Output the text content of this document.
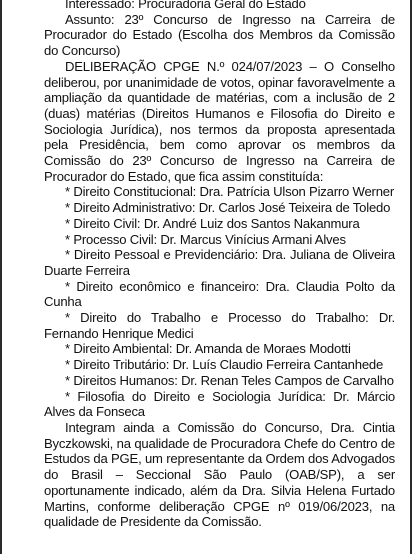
Interessado: Procuradoria Geral do Estado

Assunto: 23º Concurso de Ingresso na Carreira de Procurador do Estado (Escolha dos Membros da Comissão do Concurso)

DELIBERAÇÃO CPGE N.º 024/07/2023 – O Conselho deliberou, por unanimidade de votos, opinar favoravelmente a ampliação da quantidade de matérias, com a inclusão de 2 (duas) matérias (Direitos Humanos e Filosofia do Direito e Sociologia Jurídica), nos termos da proposta apresentada pela Presidência, bem como aprovar os membros da Comissão do 23º Concurso de Ingresso na Carreira de Procurador do Estado, que fica assim constituída:

* Direito Constitucional: Dra. Patrícia Ulson Pizarro Werner

* Direito Administrativo: Dr. Carlos José Teixeira de Toledo

* Direito Civil: Dr. André Luiz dos Santos Nakanmura

* Processo Civil: Dr. Marcus Vinícius Armani Alves

* Direito Pessoal e Previdenciário: Dra. Juliana de Oliveira Duarte Ferreira

* Direito econômico e financeiro: Dra. Claudia Polto da Cunha

* Direito do Trabalho e Processo do Trabalho: Dr. Fernando Henrique Medici

* Direito Ambiental: Dr. Amanda de Moraes Modotti

* Direito Tributário: Dr. Luís Claudio Ferreira Cantanhede

* Direitos Humanos: Dr. Renan Teles Campos de Carvalho

* Filosofia do Direito e Sociologia Jurídica: Dr. Márcio Alves da Fonseca

Integram ainda a Comissão do Concurso, Dra. Cintia Byczkowski, na qualidade de Procuradora Chefe do Centro de Estudos da PGE, um representante da Ordem dos Advogados do Brasil – Seccional São Paulo (OAB/SP), a ser oportunamente indicado, além da Dra. Silvia Helena Furtado Martins, conforme deliberação CPGE nº 019/06/2023, na qualidade de Presidente da Comissão.
